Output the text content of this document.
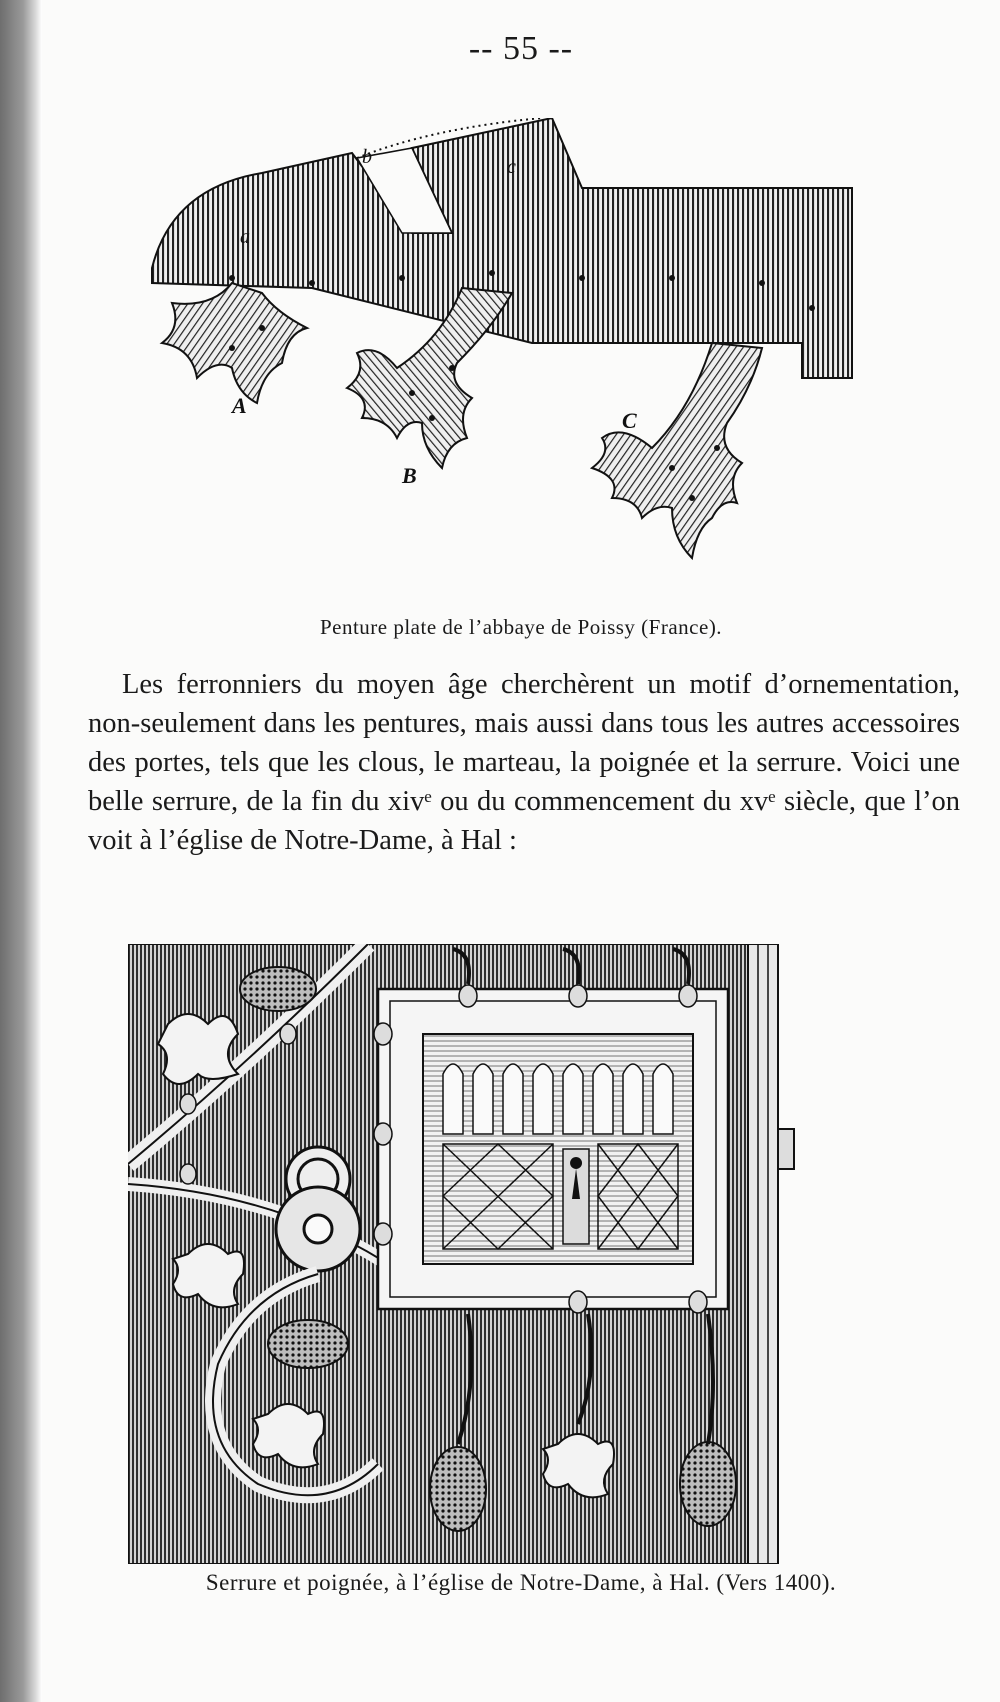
-- 55 --
a
b	c
A
B
C
Penture plate de l’abbaye de Poissy (France).

Les ferronniers du moyen âge cherchèrent un motif d’ornementation, non-seulement dans les pentures, mais aussi dans tous les autres accessoires des portes, tels que les clous, le marteau, la poignée et la serrure. Voici une belle serrure, de la fin du xivᵉ ou du commencement du xvᵉ siècle, que l’on voit à l’église de Notre-Dame, à Hal :

Serrure et poignée, à l’église de Notre-Dame, à Hal. (Vers 1400).
